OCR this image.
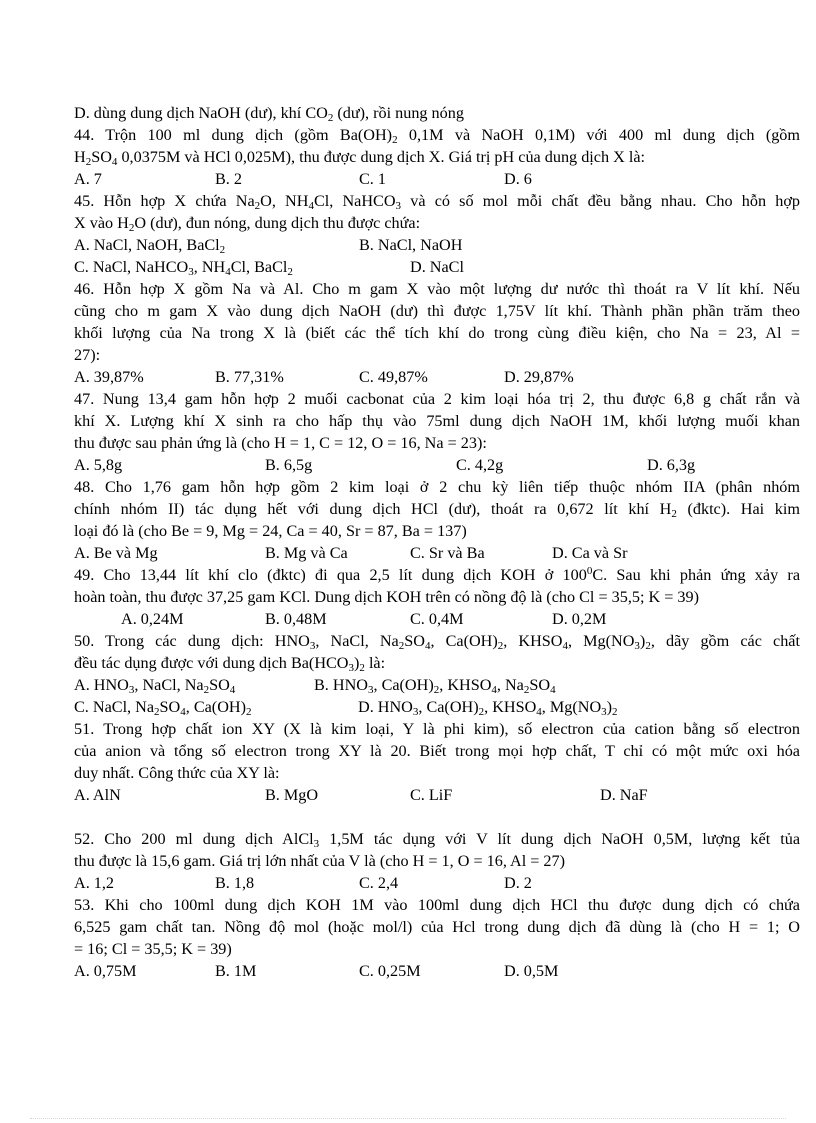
D. dùng dung dịch NaOH (dư), khí $CO_2$ (dư), rồi nung nóng
44. Trộn 100 ml dung dịch (gồm $Ba(OH)_2$ 0,1M và NaOH 0,1M) với 400 ml dung dịch (gồm
$H_2SO_4$ 0,0375M và HCl 0,025M), thu được dung dịch X. Giá trị pH của dung dịch X là:
A. 7	B. 2	C. 1	D. 6
45. Hỗn hợp X chứa $Na_2O$, $NH_4Cl$, NaHCO$_3$ và có số mol mỗi chất đều bằng nhau. Cho hỗn hợp
X vào $H_2O$ (dư), đun nóng, dung dịch thu được chứa:
A. NaCl, NaOH, BaCl$_2$	B. NaCl, NaOH
C. NaCl, NaHCO$_3$, $NH_4Cl$, BaCl$_2$	D. NaCl
46. Hỗn hợp X gồm Na và Al. Cho m gam X vào một lượng dư nước thì thoát ra V lít khí. Nếu
cũng cho m gam X vào dung dịch NaOH (dư) thì được 1,75V lít khí. Thành phần phần trăm theo
khối lượng của Na trong X là (biết các thể tích khí do trong cùng điều kiện, cho Na = 23, Al =
27):
A. 39,87%	B. 77,31%	C. 49,87%	D. 29,87%
47. Nung 13,4 gam hỗn hợp 2 muối cacbonat của 2 kim loại hóa trị 2, thu được 6,8 g chất rắn và
khí X. Lượng khí X sinh ra cho hấp thụ vào 75ml dung dịch NaOH 1M, khối lượng muối khan
thu được sau phản ứng là (cho H = 1, C = 12, O = 16, Na = 23):
A. 5,8g	B. 6,5g	C. 4,2g	D. 6,3g
48. Cho 1,76 gam hỗn hợp gồm 2 kim loại ở 2 chu kỳ liên tiếp thuộc nhóm IIA (phân nhóm
chính nhóm II) tác dụng hết với dung dịch HCl (dư), thoát ra 0,672 lít khí $H_2$ (đktc). Hai kim
loại đó là (cho Be = 9, Mg = 24, Ca = 40, Sr = 87, Ba = 137)
A. Be và Mg	B. Mg và Ca	C. Sr và Ba	D. Ca và Sr
49. Cho 13,44 lít khí clo (đktc) đi qua 2,5 lít dung dịch KOH ở $100^0C$. Sau khi phản ứng xảy ra
hoàn toàn, thu được 37,25 gam KCl. Dung dịch KOH trên có nồng độ là (cho Cl = 35,5; K = 39)
A. 0,24M	B. 0,48M	C. 0,4M	D. 0,2M
50. Trong các dung dịch: $HNO_3$, NaCl, $Na_2SO_4$, $Ca(OH)_2$, $KHSO_4$, $Mg(NO_3)_2$, dãy gồm các chất
đều tác dụng được với dung dịch $Ba(HCO_3)_2$ là:
A. $HNO_3$, NaCl, $Na_2SO_4$	B. $HNO_3$, $Ca(OH)_2$, $KHSO_4$, $Na_2SO_4$
C. NaCl, $Na_2SO_4$, $Ca(OH)_2$	D. $HNO_3$, $Ca(OH)_2$, $KHSO_4$, $Mg(NO_3)_2$
51. Trong hợp chất ion XY (X là kim loại, Y là phi kim), số electron của cation bằng số electron
của anion và tổng số electron trong XY là 20. Biết trong mọi hợp chất, T chỉ có một mức oxi hóa
duy nhất. Công thức của XY là:
A. AlN	B. MgO	C. LiF	D. NaF
52. Cho 200 ml dung dịch AlCl$_3$ 1,5M tác dụng với V lít dung dịch NaOH 0,5M, lượng kết tủa
thu được là 15,6 gam. Giá trị lớn nhất của V là (cho H = 1, O = 16, Al = 27)
A. 1,2	B. 1,8	C. 2,4	D. 2
53. Khi cho 100ml dung dịch KOH 1M vào 100ml dung dịch HCl thu được dung dịch có chứa
6,525 gam chất tan. Nồng độ mol (hoặc mol/l) của Hcl trong dung dịch đã dùng là (cho H = 1; O
= 16; Cl = 35,5; K = 39)
A. 0,75M	B. 1M	C. 0,25M	D. 0,5M
